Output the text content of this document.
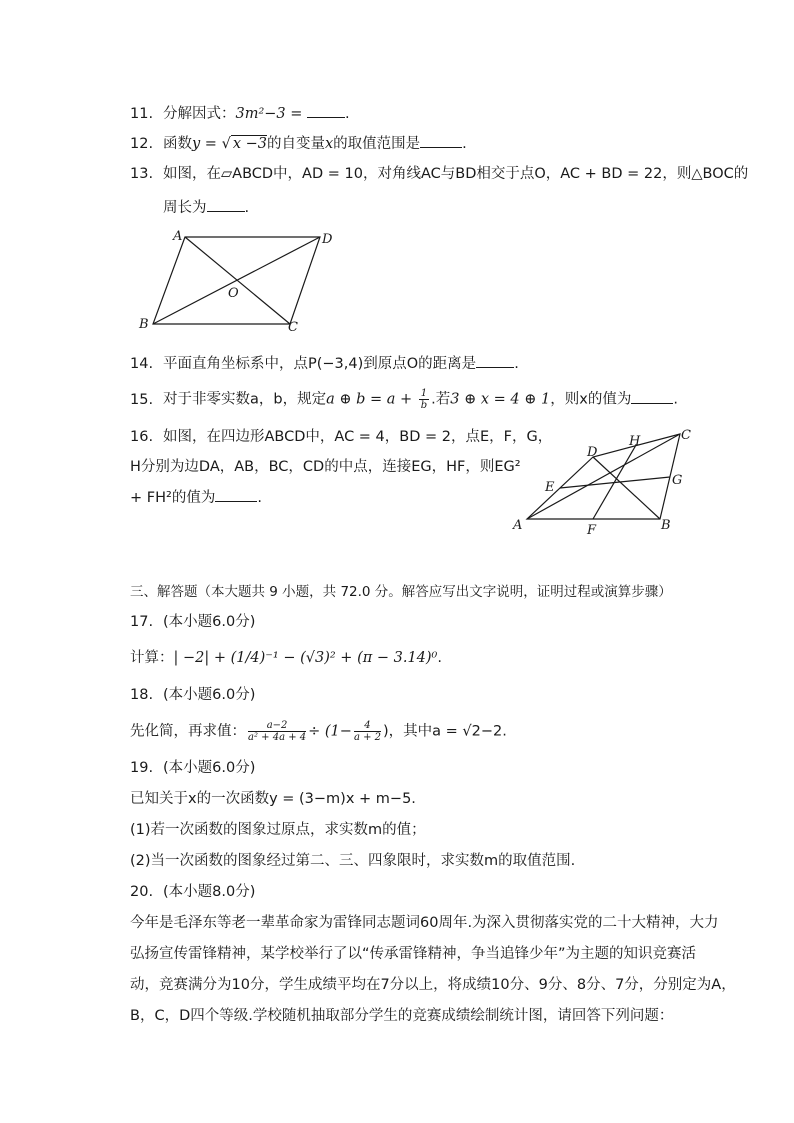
11. 分解因式：3m²−3 =	.
12. 函数y = √ x −3的自变量x的取值范围是	.
13. 如图，在▱ABCD中，AD = 10，对角线AC与BD相交于点O，AC + BD = 22，则△BOC的
周长为	.
A	D
O
B	C
14. 平面直角坐标系中，点P(−3,4)到原点O的距离是	.
15. 对于非零实数a，b，规定a ⊕ $b = a + \frac{1}{b}$ .若3 ⊕ x = 4 ⊕ 1，则x的值为	.
16. 如图，在四边形ABCD中，AC = 4，BD = 2，点E，F，G，
H分别为边DA，AB，BC，CD的中点，连接EG，HF，则EG²
+ FH²的值为	.
A	B
C
D
E
F
G
H
三、解答题（本大题共 9 小题，共 72.0 分。解答应写出文字说明，证明过程或演算步骤）
17. (本小题6.0分)
计算：| −2| + (1/4)⁻¹ − (√3)² + (π − 3.14)⁰.
18. (本小题6.0分)
先化简，再求值： $\frac{a-2}{\text{a² + 4a + 4}} \div (1- \frac{4}{a + 2}$ )，其中a = √2−2.
19. (本小题6.0分)
已知关于x的一次函数y = (3−m)x + m−5.
(1)若一次函数的图象过原点，求实数m的值；
(2)当一次函数的图象经过第二、三、四象限时，求实数m的取值范围.
20. (本小题8.0分)
今年是毛泽东等老一辈革命家为雷锋同志题词60周年.为深入贯彻落实党的二十大精神，大力
弘扬宣传雷锋精神，某学校举行了以“传承雷锋精神，争当追锋少年”为主题的知识竞赛活
动，竞赛满分为10分，学生成绩平均在7分以上，将成绩10分、9分、8分、7分，分别定为A，
B，C，D四个等级.学校随机抽取部分学生的竞赛成绩绘制统计图，请回答下列问题：
